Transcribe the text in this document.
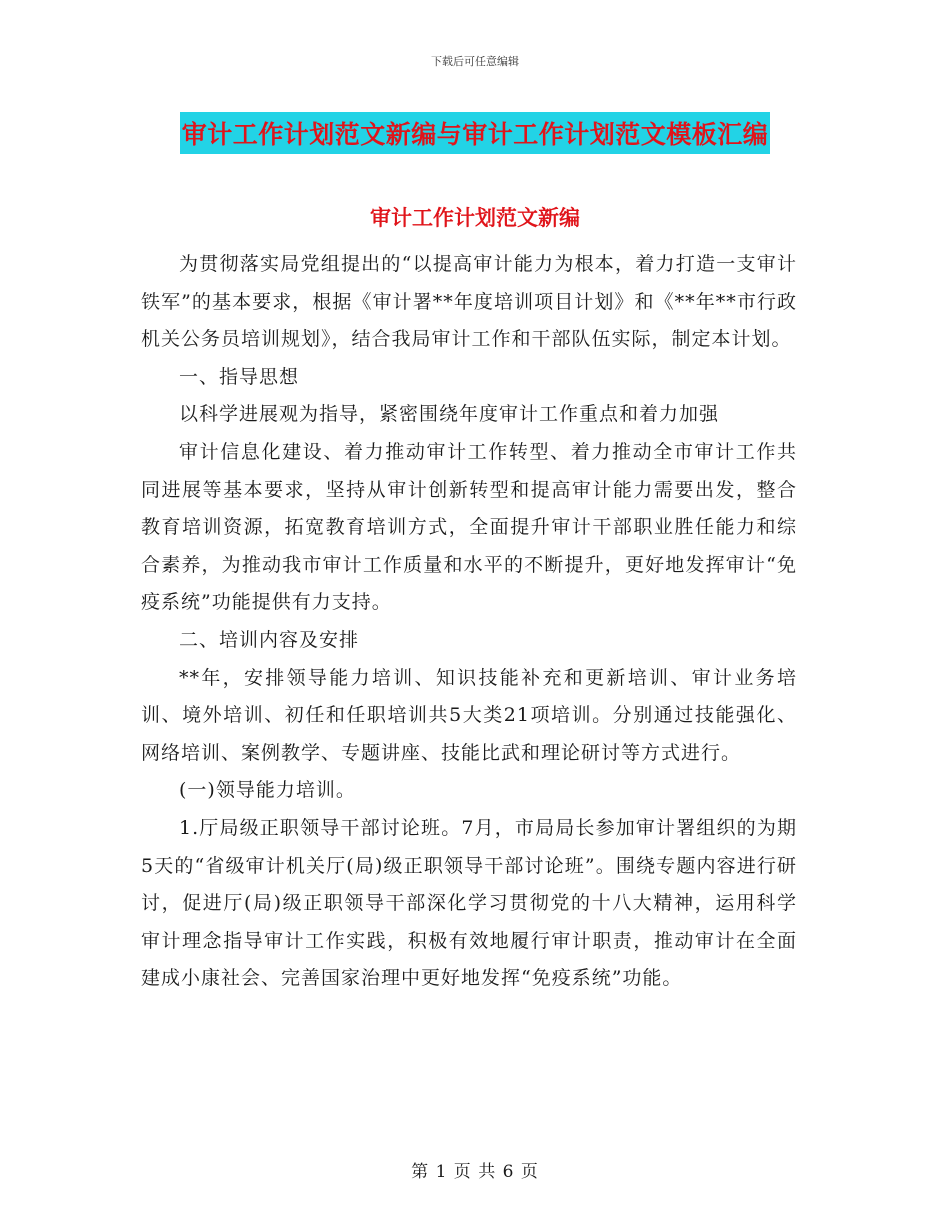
下载后可任意编辑
审计工作计划范文新编与审计工作计划范文模板汇编
审计工作计划范文新编

为贯彻落实局党组提出的“以提高审计能力为根本，着力打造一支审计铁军”的基本要求，根据《审计署**年度培训项目计划》和《**年**市行政机关公务员培训规划》，结合我局审计工作和干部队伍实际，制定本计划。

一、指导思想

以科学进展观为指导，紧密围绕年度审计工作重点和着力加强

审计信息化建设、着力推动审计工作转型、着力推动全市审计工作共同进展等基本要求，坚持从审计创新转型和提高审计能力需要出发，整合教育培训资源，拓宽教育培训方式，全面提升审计干部职业胜任能力和综合素养，为推动我市审计工作质量和水平的不断提升，更好地发挥审计“免疫系统”功能提供有力支持。

二、培训内容及安排

**年，安排领导能力培训、知识技能补充和更新培训、审计业务培训、境外培训、初任和任职培训共5大类21项培训。分别通过技能强化、网络培训、案例教学、专题讲座、技能比武和理论研讨等方式进行。

(一)领导能力培训。

1.厅局级正职领导干部讨论班。7月，市局局长参加审计署组织的为期5天的“省级审计机关厅(局)级正职领导干部讨论班”。围绕专题内容进行研讨，促进厅(局)级正职领导干部深化学习贯彻党的十八大精神，运用科学审计理念指导审计工作实践，积极有效地履行审计职责，推动审计在全面建成小康社会、完善国家治理中更好地发挥“免疫系统”功能。

第 1 页 共 6 页
